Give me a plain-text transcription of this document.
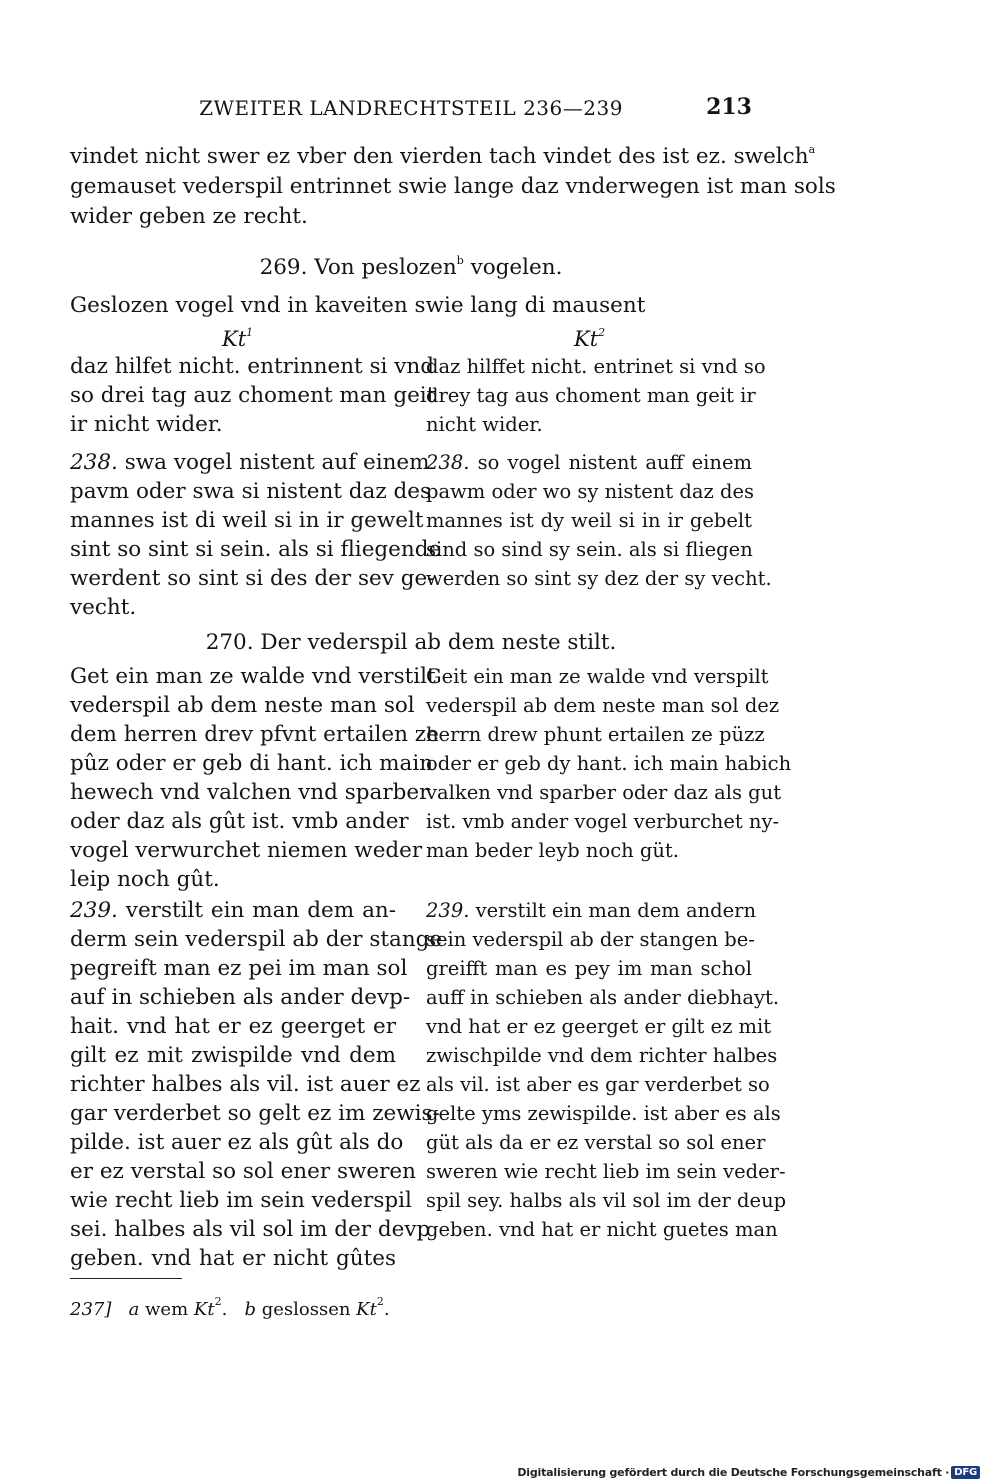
ZWEITER LANDRECHTSTEIL 236—239	213
vindet nicht swer ez vber den vierden tach vindet des ist ez. swelch$^a$
gemauset vederspil entrinnet swie lange daz vnderwegen ist man sols
wider geben ze recht.
269. Von peslozen$^b$ vogelen.
Geslozen vogel vnd in kaveiten swie lang di mausent
Kt$^1$	Kt$^2$
daz hilfet nicht. entrinnent si vnd
so drei tag auz choment man geit
ir nicht wider.
daz hilffet nicht. entrinet si vnd so
drey tag aus choment man geit ir
nicht wider.
238. swa vogel nistent auf einem
pavm oder swa si nistent daz des
mannes ist di weil si in ir gewelt
sint so sint si sein. als si fliegende
werdent so sint si des der sev ge-
vecht.
238. so vogel nistent auff einem
pawm oder wo sy nistent daz des
mannes ist dy weil si in ir gebelt
sind so sind sy sein. als si fliegen
werden so sint sy dez der sy vecht.
270. Der vederspil ab dem neste stilt.
Get ein man ze walde vnd verstilt
vederspil ab dem neste man sol
dem herren drev pfvnt ertailen ze
pûz oder er geb di hant. ich main
hewech vnd valchen vnd sparber
oder daz als gût ist. vmb ander
vogel verwurchet niemen weder
leip noch gût.
Geit ein man ze walde vnd verspilt
vederspil ab dem neste man sol dez
herrn drew phunt ertailen ze püzz
oder er geb dy hant. ich main habich
valken vnd sparber oder daz als gut
ist. vmb ander vogel verburchet ny-
man beder leyb noch güt.
239. verstilt ein man dem an-
derm sein vederspil ab der stange
pegreift man ez pei im man sol
auf in schieben als ander devp-
hait. vnd hat er ez geerget er
gilt ez mit zwispilde vnd dem
richter halbes als vil. ist auer ez
gar verderbet so gelt ez im zewis-
pilde. ist auer ez als gût als do
er ez verstal so sol ener sweren
wie recht lieb im sein vederspil
sei. halbes als vil sol im der devp
geben. vnd hat er nicht gûtes
239. verstilt ein man dem andern
sein vederspil ab der stangen be-
greifft man es pey im man schol
auff in schieben als ander diebhayt.
vnd hat er ez geerget er gilt ez mit
zwischpilde vnd dem richter halbes
als vil. ist aber es gar verderbet so
gelte yms zewispilde. ist aber es als
güt als da er ez verstal so sol ener
sweren wie recht lieb im sein veder-
spil sey. halbs als vil sol im der deup
geben. vnd hat er nicht guetes man
237] a wem Kt$^2$. b geslossen Kt$^2$.
Digitalisierung gefördert durch die Deutsche Forschungsgemeinschaft · DFG
